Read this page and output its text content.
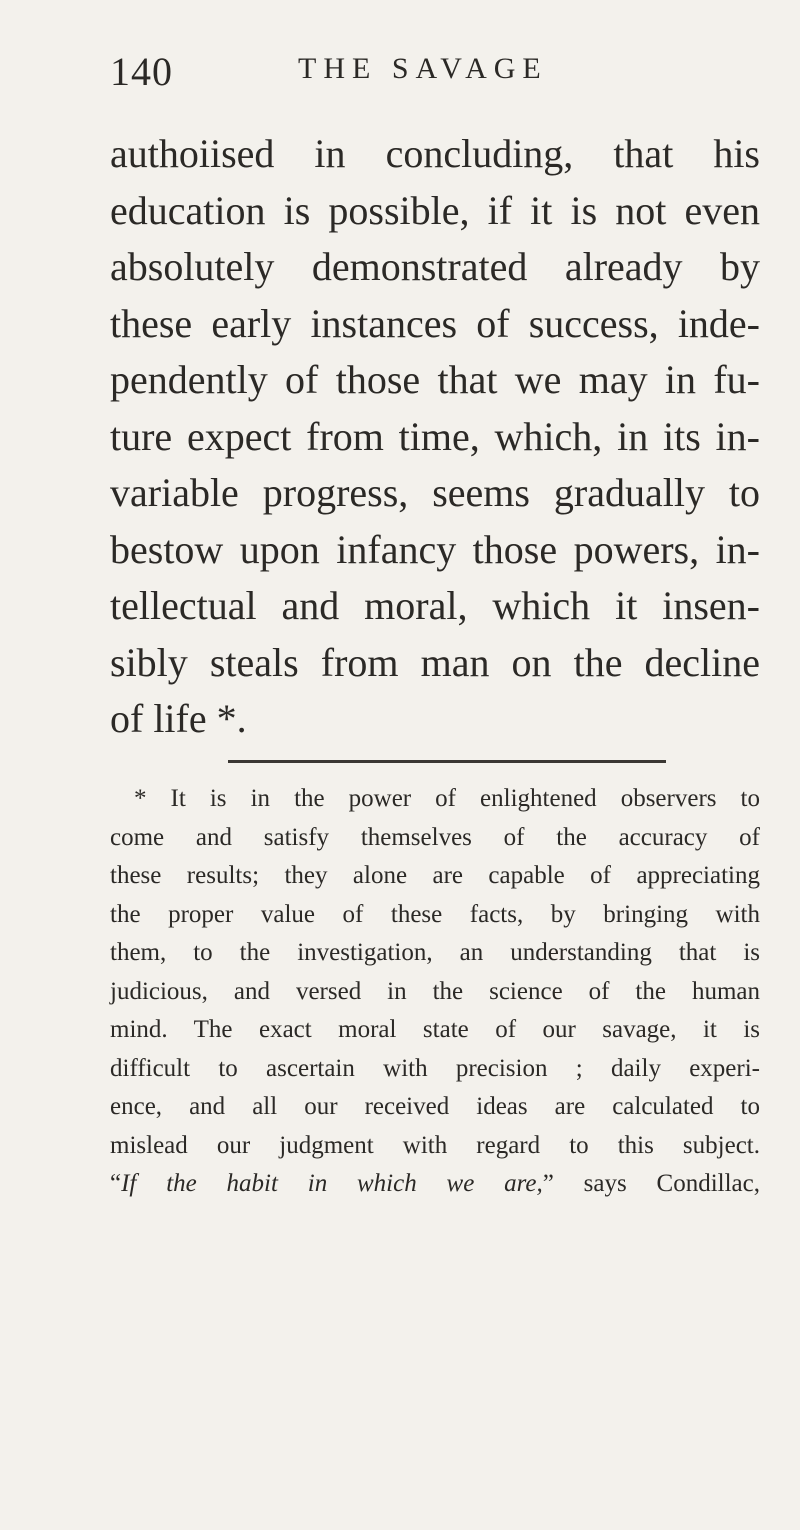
140	THE SAVAGE
authoiised in concluding, that his
education is possible, if it is not even
absolutely demonstrated already by
these early instances of success, inde-
pendently of those that we may in fu-
ture expect from time, which, in its in-
variable progress, seems gradually to
bestow upon infancy those powers, in-
tellectual and moral, which it insen-
sibly steals from man on the decline
of life *.
* It is in the power of enlightened observers to
come and satisfy themselves of the accuracy of
these results; they alone are capable of appreciating
the proper value of these facts, by bringing with
them, to the investigation, an understanding that is
judicious, and versed in the science of the human
mind. The exact moral state of our savage, it is
difficult to ascertain with precision ; daily experi-
ence, and all our received ideas are calculated to
mislead our judgment with regard to this subject.
“If the habit in which we are,” says Condillac,
